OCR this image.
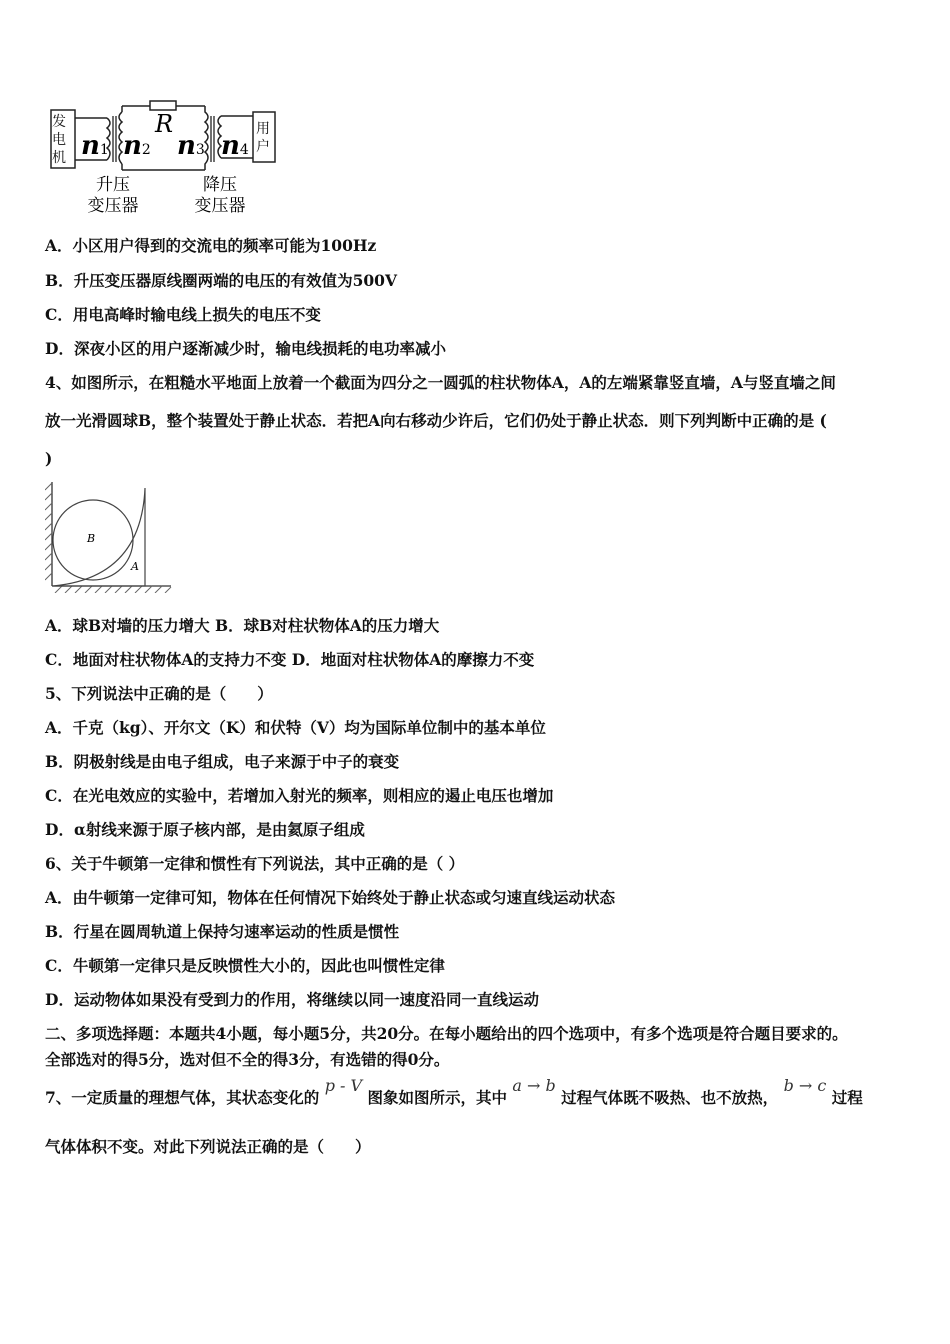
n1 n2
R
n3 n4
升压
变压器
降压
变压器
发电机
用户
A．小区用户得到的交流电的频率可能为100Hz
B．升压变压器原线圈两端的电压的有效值为500V
C．用电高峰时输电线上损失的电压不变
D．深夜小区的用户逐渐减少时，输电线损耗的电功率减小
4、如图所示，在粗糙水平地面上放着一个截面为四分之一圆弧的柱状物体A，A的左端紧靠竖直墙，A与竖直墙之间
放一光滑圆球B，整个装置处于静止状态．若把A向右移动少许后，它们仍处于静止状态．则下列判断中正确的是 (
)
B
A
A．球B对墙的压力增大 B．球B对柱状物体A的压力增大
C．地面对柱状物体A的支持力不变 D．地面对柱状物体A的摩擦力不变
5、下列说法中正确的是（　　）
A．千克（kg）、开尔文（K）和伏特（V）均为国际单位制中的基本单位
B．阴极射线是由电子组成，电子来源于中子的衰变
C．在光电效应的实验中，若增加入射光的频率，则相应的遏止电压也增加
D．α射线来源于原子核内部，是由氦原子组成
6、关于牛顿第一定律和惯性有下列说法，其中正确的是（ ）
A．由牛顿第一定律可知，物体在任何情况下始终处于静止状态或匀速直线运动状态
B．行星在圆周轨道上保持匀速率运动的性质是惯性
C．牛顿第一定律只是反映惯性大小的，因此也叫惯性定律
D．运动物体如果没有受到力的作用，将继续以同一速度沿同一直线运动
二、多项选择题：本题共4小题，每小题5分，共20分。在每小题给出的四个选项中，有多个选项是符合题目要求的。
全部选对的得5分，选对但不全的得3分，有选错的得0分。
7、一定质量的理想气体，其状态变化的 p - V 图象如图所示，其中 a → b 过程气体既不吸热、也不放热， b → c 过程
气体体积不变。对此下列说法正确的是（　　）
